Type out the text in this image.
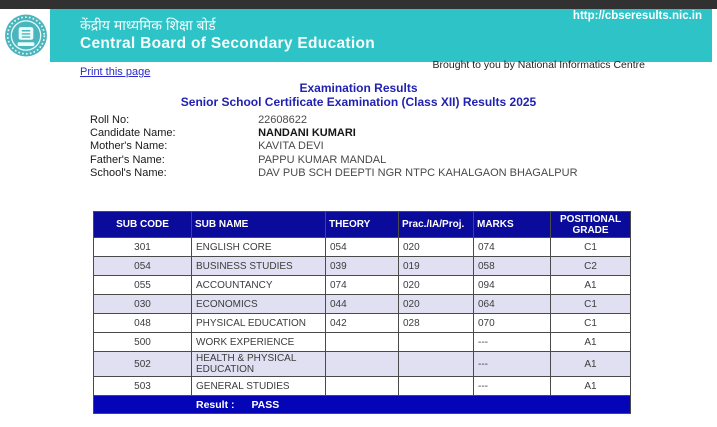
http://cbseresults.nic.in
केंद्रीय माध्यमिक शिक्षा बोर्ड
Central Board of Secondary Education
Print this page
Brought to you by National Informatics Centre
Examination Results
Senior School Certificate Examination (Class XII) Results 2025
Roll No:	22608622
Candidate Name:	NANDANI KUMARI
Mother's Name:	KAVITA DEVI
Father's Name:	PAPPU KUMAR MANDAL
School's Name:	DAV PUB SCH DEEPTI NGR NTPC KAHALGAON BHAGALPUR
SUB CODE	SUB NAME	THEORY	Prac./IA/Proj.	MARKS	POSITIONAL GRADE
301	ENGLISH CORE	054	020	074	C1
054	BUSINESS STUDIES	039	019	058	C2
055	ACCOUNTANCY	074	020	094	A1
030	ECONOMICS	044	020	064	C1
048	PHYSICAL EDUCATION	042	028	070	C1
500	WORK EXPERIENCE			---	A1
502	HEALTH & PHYSICAL EDUCATION			---	A1
503	GENERAL STUDIES			---	A1
Result : PASS					
